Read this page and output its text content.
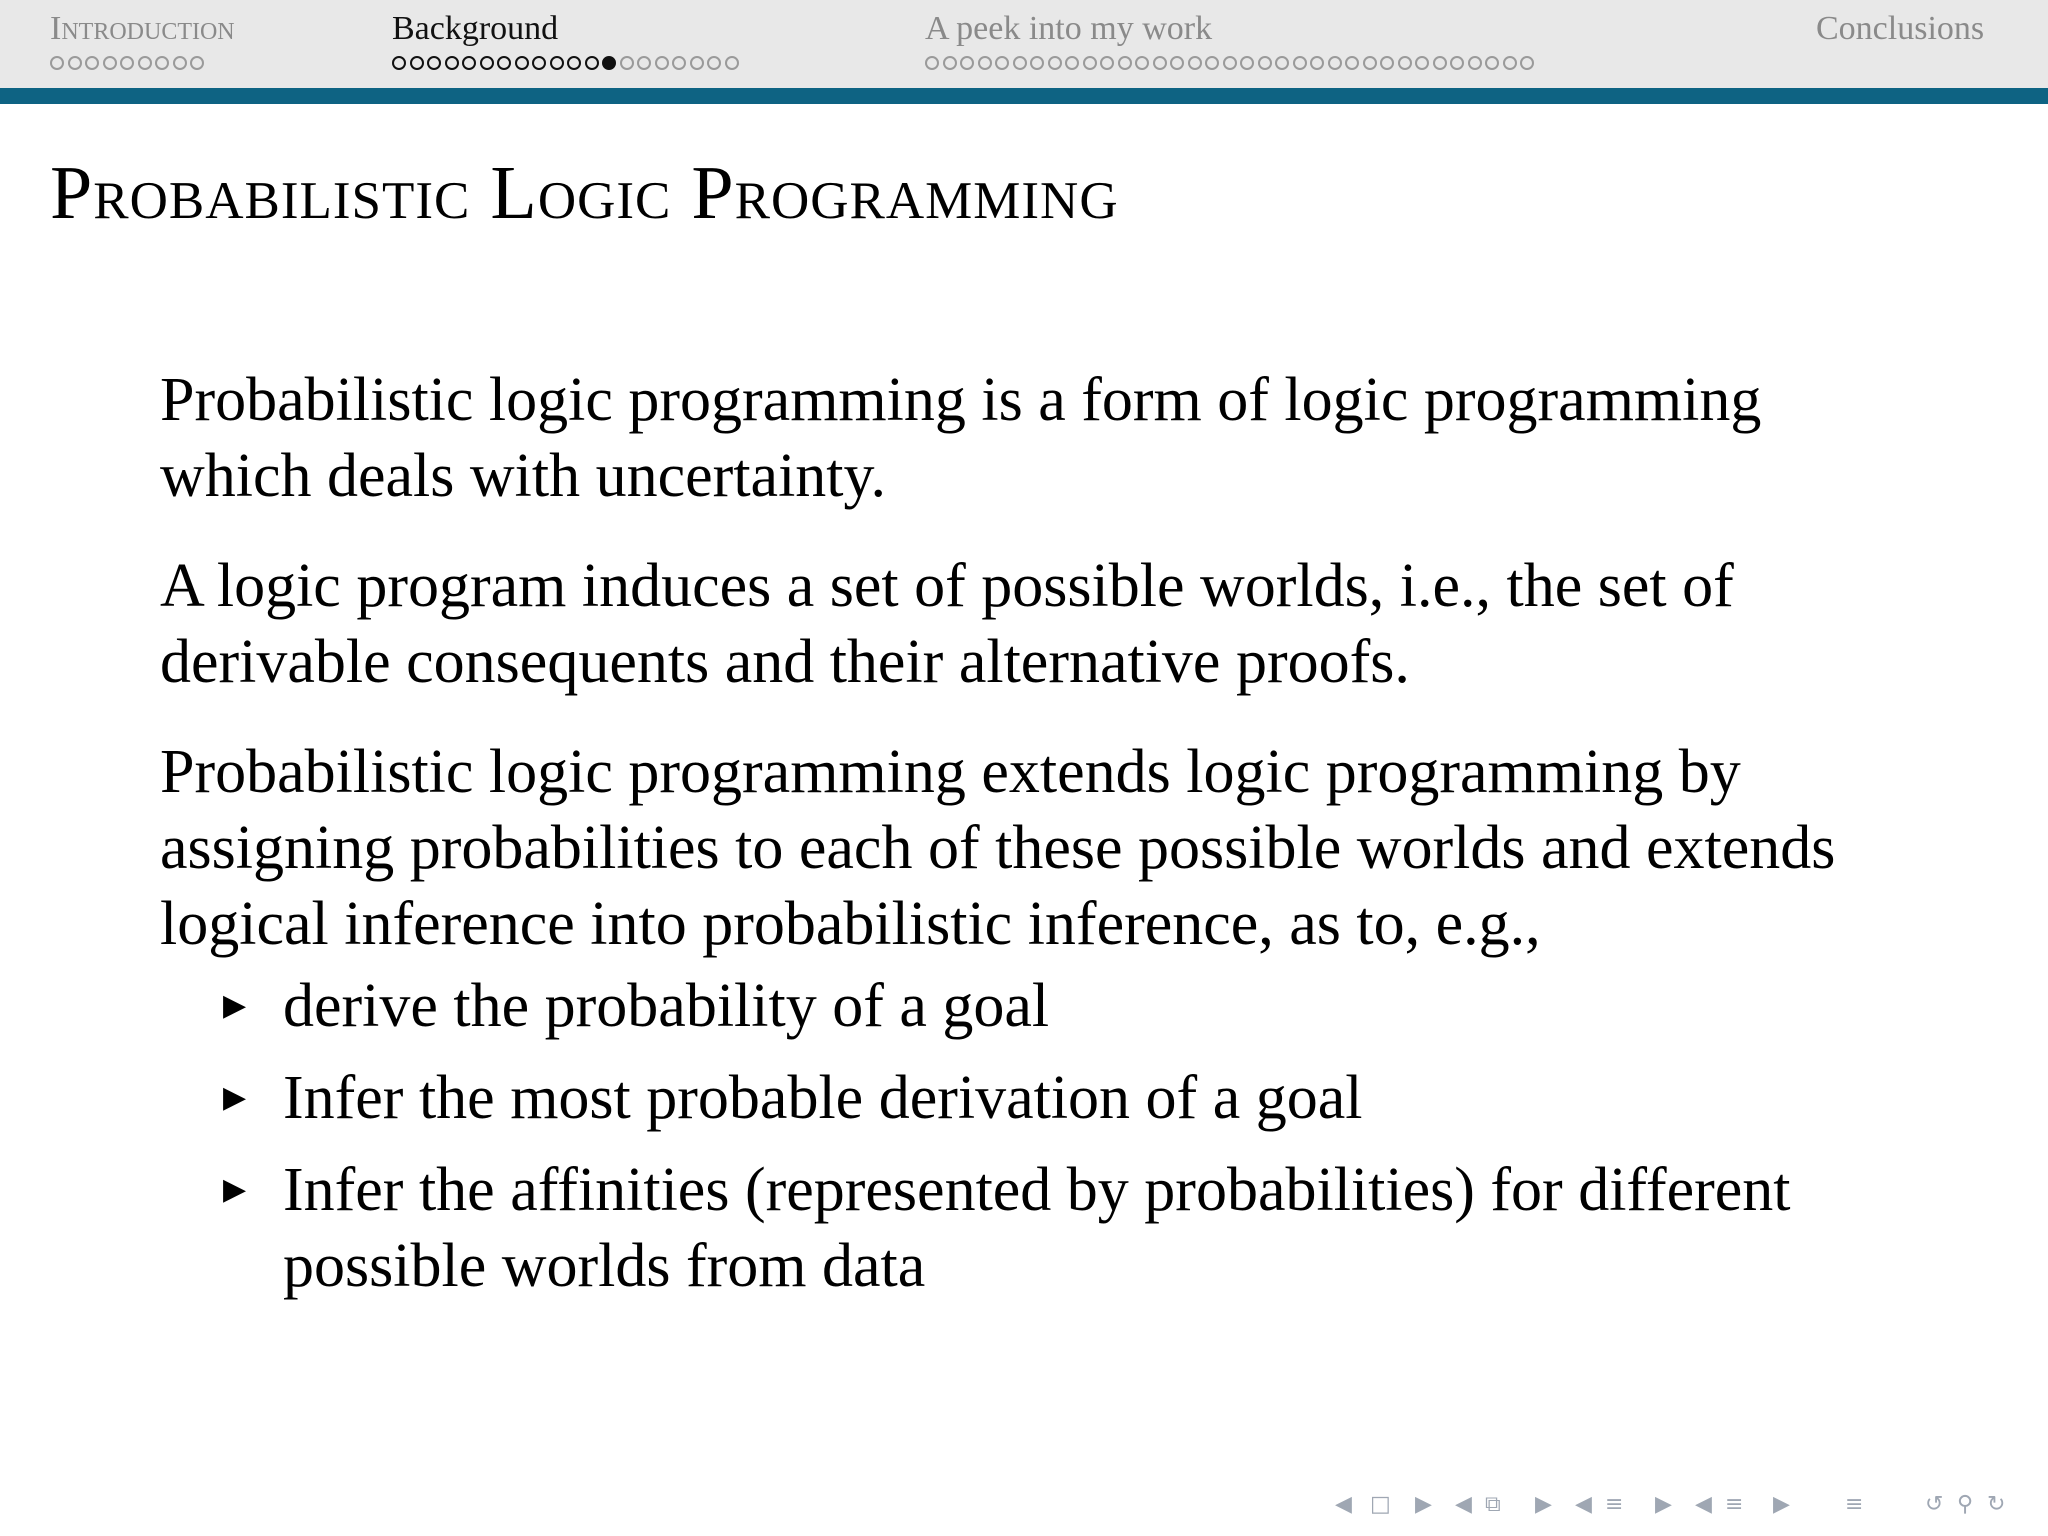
Introduction	Background	A peek into my work	Conclusions
Probabilistic Logic Programming

Probabilistic logic programming is a form of logic programming which deals with uncertainty.

A logic program induces a set of possible worlds, i.e., the set of derivable consequents and their alternative proofs.

Probabilistic logic programming extends logic programming by assigning probabilities to each of these possible worlds and extends logical inference into probabilistic inference, as to, e.g.,

▶ derive the probability of a goal
▶ Infer the most probable derivation of a goal
▶ Infer the affinities (represented by probabilities) for different possible worlds from data
◀ □ ▶ ◀ ⧉ ▶ ◀ ≡ ▶ ◀ ≡ ▶	≡	↺ ⚲ ↻
